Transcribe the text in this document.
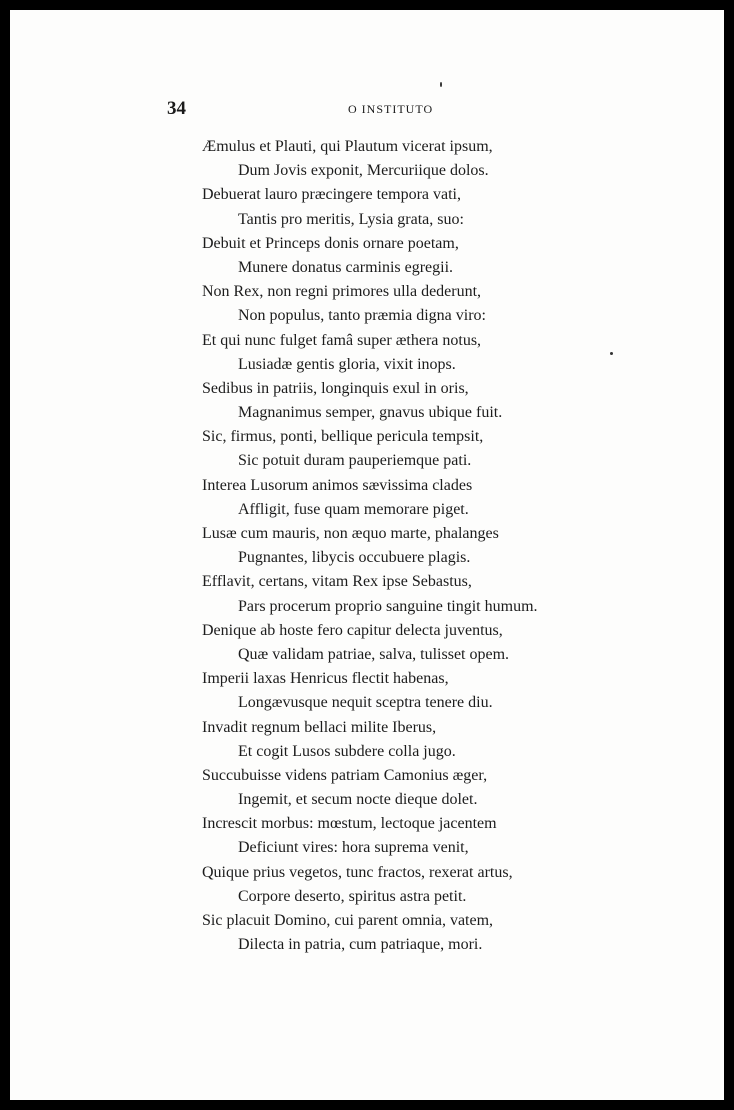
34	O INSTITUTO
Æmulus et Plauti, qui Plautum vicerat ipsum,
Dum Jovis exponit, Mercuriique dolos.
Debuerat lauro præcingere tempora vati,
Tantis pro meritis, Lysia grata, suo:
Debuit et Princeps donis ornare poetam,
Munere donatus carminis egregii.
Non Rex, non regni primores ulla dederunt,
Non populus, tanto præmia digna viro:
Et qui nunc fulget famâ super æthera notus,
Lusiadæ gentis gloria, vixit inops.
Sedibus in patriis, longinquis exul in oris,
Magnanimus semper, gnavus ubique fuit.
Sic, firmus, ponti, bellique pericula tempsit,
Sic potuit duram pauperiemque pati.
Interea Lusorum animos sævissima clades
Affligit, fuse quam memorare piget.
Lusæ cum mauris, non æquo marte, phalanges
Pugnantes, libycis occubuere plagis.
Efflavit, certans, vitam Rex ipse Sebastus,
Pars procerum proprio sanguine tingit humum.
Denique ab hoste fero capitur delecta juventus,
Quæ validam patriae, salva, tulisset opem.
Imperii laxas Henricus flectit habenas,
Longævusque nequit sceptra tenere diu.
Invadit regnum bellaci milite Iberus,
Et cogit Lusos subdere colla jugo.
Succubuisse videns patriam Camonius æger,
Ingemit, et secum nocte dieque dolet.
Increscit morbus: mœstum, lectoque jacentem
Deficiunt vires: hora suprema venit,
Quique prius vegetos, tunc fractos, rexerat artus,
Corpore deserto, spiritus astra petit.
Sic placuit Domino, cui parent omnia, vatem,
Dilecta in patria, cum patriaque, mori.
